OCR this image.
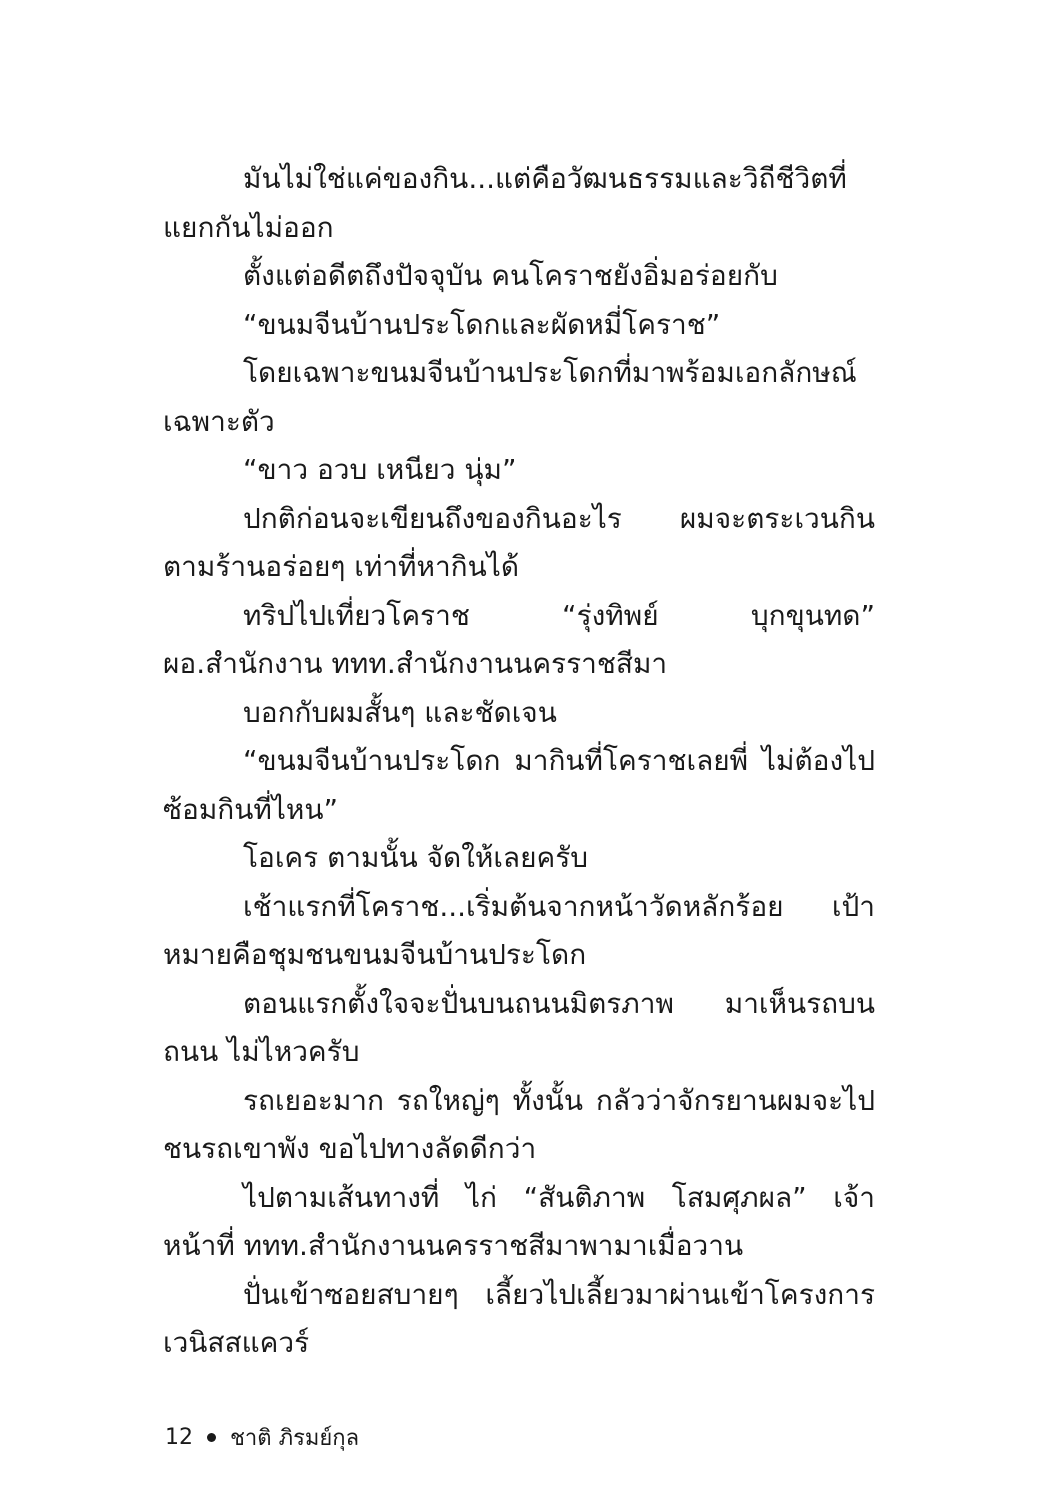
มันไม่ใช่แค่ของกิน...แต่คือวัฒนธรรมและวิถีชีวิตที่แยกกันไม่ออก

ตั้งแต่อดีตถึงปัจจุบัน คนโคราชยังอิ่มอร่อยกับ

“ขนมจีนบ้านประโดกและผัดหมี่โคราช”

โดยเฉพาะขนมจีนบ้านประโดกที่มาพร้อมเอกลักษณ์เฉพาะตัว

“ขาว อวบ เหนียว นุ่ม”

ปกติก่อนจะเขียนถึงของกินอะไร ผมจะตระเวนกินตามร้านอร่อยๆ เท่าที่หากินได้

ทริปไปเที่ยวโคราช “รุ่งทิพย์ บุกขุนทด” ผอ.สำนักงาน ททท.สำนักงานนครราชสีมา

บอกกับผมสั้นๆ และชัดเจน

“ขนมจีนบ้านประโดก มากินที่โคราชเลยพี่ ไม่ต้องไปซ้อมกินที่ไหน”

โอเคร ตามนั้น จัดให้เลยครับ

เช้าแรกที่โคราช...เริ่มต้นจากหน้าวัดหลักร้อย เป้าหมายคือชุมชนขนมจีนบ้านประโดก

ตอนแรกตั้งใจจะปั่นบนถนนมิตรภาพ มาเห็นรถบนถนน ไม่ไหวครับ

รถเยอะมาก รถใหญ่ๆ ทั้งนั้น กลัวว่าจักรยานผมจะไปชนรถเขาพัง ขอไปทางลัดดีกว่า

ไปตามเส้นทางที่ ไก่ “สันติภาพ โสมศุภผล” เจ้าหน้าที่ ททท.สำนักงานนครราชสีมาพามาเมื่อวาน

ปั่นเข้าซอยสบายๆ เลี้ยวไปเลี้ยวมาผ่านเข้าโครงการเวนิสสแควร์

12 ชาติ ภิรมย์กุล
